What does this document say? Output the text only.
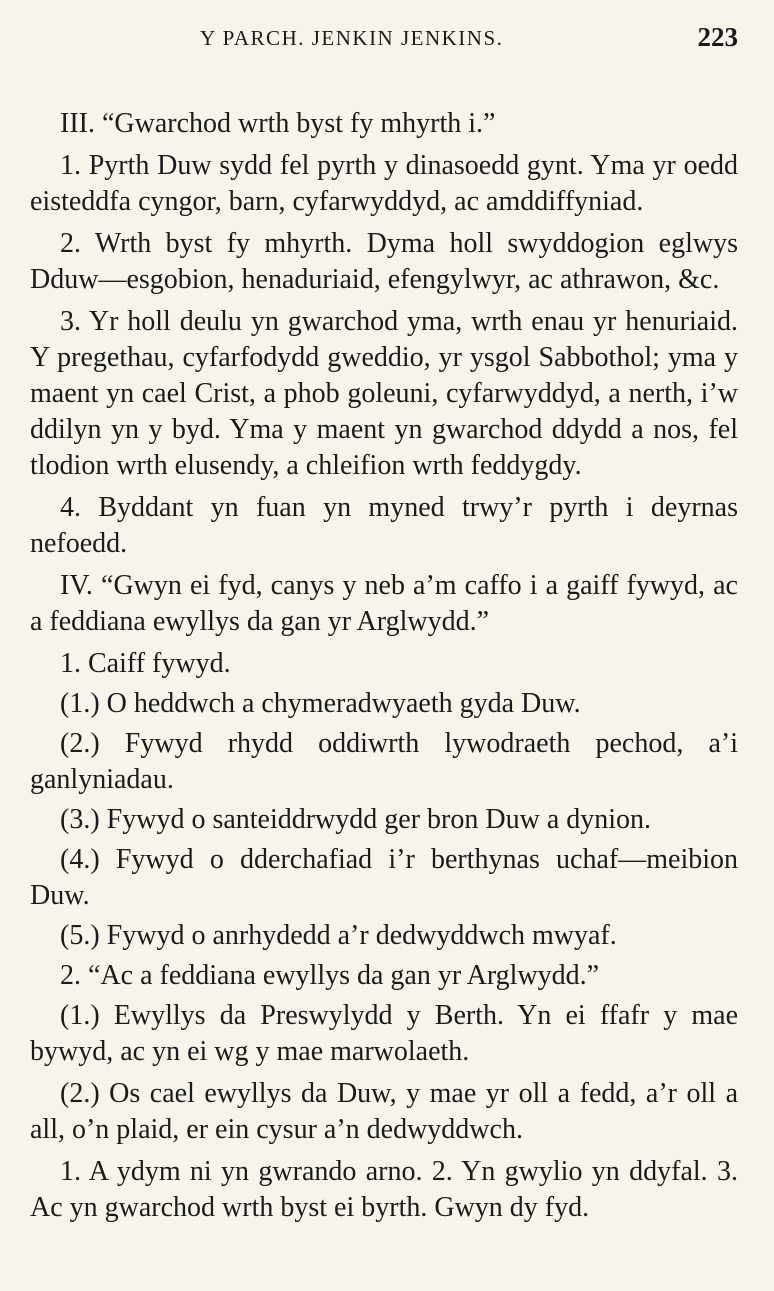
Y PARCH. JENKIN JENKINS.	223

III. “Gwarchod wrth byst fy mhyrth i.”

1. Pyrth Duw sydd fel pyrth y dinasoedd gynt. Yma yr oedd eisteddfa cyngor, barn, cyfarwyddyd, ac amddiffyniad.

2. Wrth byst fy mhyrth. Dyma holl swyddogion eglwys Dduw—esgobion, henaduriaid, efengylwyr, ac athrawon, &c.

3. Yr holl deulu yn gwarchod yma, wrth enau yr henuriaid. Y pregethau, cyfarfodydd gweddio, yr ysgol Sabbothol; yma y maent yn cael Crist, a phob goleuni, cyfarwyddyd, a nerth, i’w ddilyn yn y byd. Yma y maent yn gwarchod ddydd a nos, fel tlodion wrth elusendy, a chleifion wrth feddygdy.

4. Byddant yn fuan yn myned trwy’r pyrth i deyrnas nefoedd.

IV. “Gwyn ei fyd, canys y neb a’m caffo i a gaiff fywyd, ac a feddiana ewyllys da gan yr Arglwydd.”

1. Caiff fywyd.

(1.) O heddwch a chymeradwyaeth gyda Duw.

(2.) Fywyd rhydd oddiwrth lywodraeth pechod, a’i ganlyniadau.

(3.) Fywyd o santeiddrwydd ger bron Duw a dynion.

(4.) Fywyd o dderchafiad i’r berthynas uchaf—meibion Duw.

(5.) Fywyd o anrhydedd a’r dedwyddwch mwyaf.

2. “Ac a feddiana ewyllys da gan yr Arglwydd.”

(1.) Ewyllys da Preswylydd y Berth. Yn ei ffafr y mae bywyd, ac yn ei wg y mae marwolaeth.

(2.) Os cael ewyllys da Duw, y mae yr oll a fedd, a’r oll a all, o’n plaid, er ein cysur a’n dedwyddwch.

1. A ydym ni yn gwrando arno. 2. Yn gwylio yn ddyfal. 3. Ac yn gwarchod wrth byst ei byrth. Gwyn dy fyd.
